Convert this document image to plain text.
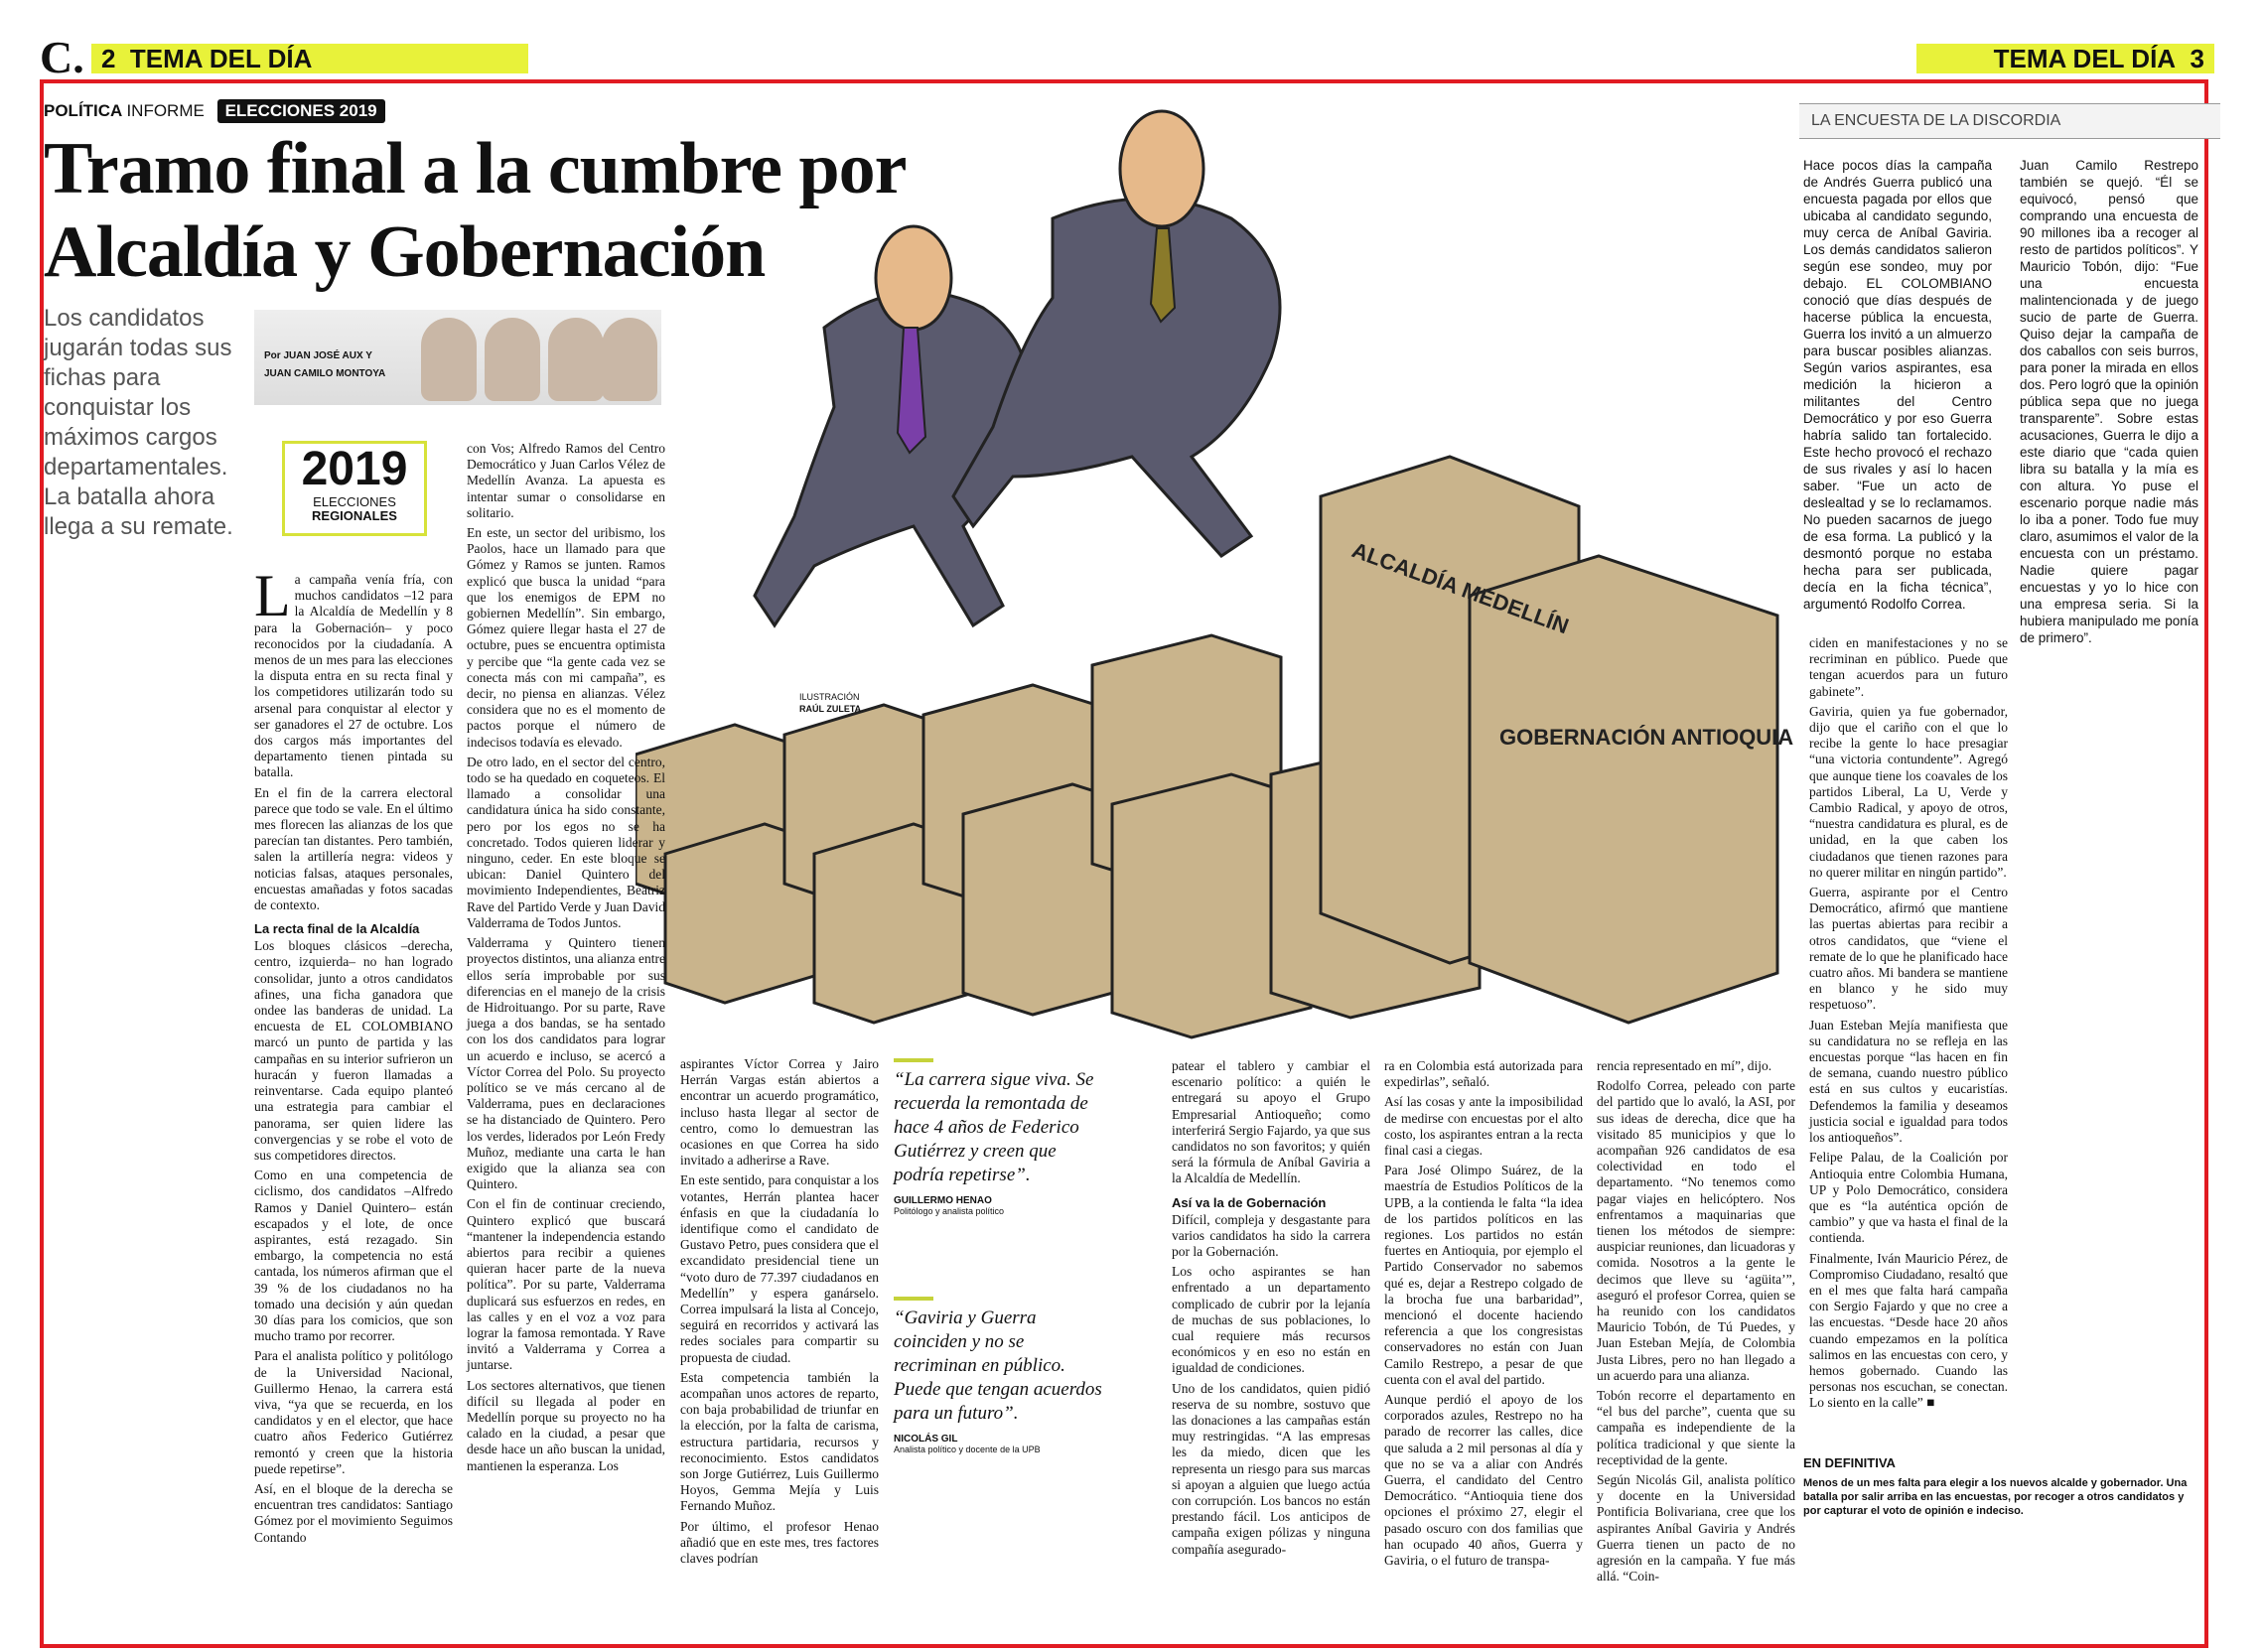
C. 2 TEMA DEL DÍA	TEMA DEL DÍA 3
POLÍTICA INFORME ELECCIONES 2019
Tramo final a la cumbre por Alcaldía y Gobernación
Los candidatos jugarán todas sus fichas para conquistar los máximos cargos departamentales. La batalla ahora llega a su remate.
Por JUAN JOSÉ AUX Y
JUAN CAMILO MONTOYA
2019
ELECCIONES
REGIONALES
ALCALDÍA MEDELLÍN
GOBERNACIÓN ANTIOQUIA
ILUSTRACIÓN
RAÚL ZULETA

La campaña venía fría, con muchos candidatos –12 para la Alcaldía de Medellín y 8 para la Gobernación– y poco reconocidos por la ciudadanía. A menos de un mes para las elecciones la disputa entra en su recta final y los competidores utilizarán todo su arsenal para conquistar al elector y ser ganadores el 27 de octubre. Los dos cargos más importantes del departamento tienen pintada su batalla.

En el fin de la carrera electoral parece que todo se vale. En el último mes florecen las alianzas de los que parecían tan distantes. Pero también, salen la artillería negra: videos y noticias falsas, ataques personales, encuestas amañadas y fotos sacadas de contexto.

La recta final de la Alcaldía

Los bloques clásicos –derecha, centro, izquierda– no han logrado consolidar, junto a otros candidatos afines, una ficha ganadora que ondee las banderas de unidad. La encuesta de EL COLOMBIANO marcó un punto de partida y las campañas en su interior sufrieron un huracán y fueron llamadas a reinventarse. Cada equipo planteó una estrategia para cambiar el panorama, ser quien lidere las convergencias y se robe el voto de sus competidores directos.

Como en una competencia de ciclismo, dos candidatos –Alfredo Ramos y Daniel Quintero– están escapados y el lote, de once aspirantes, está rezagado. Sin embargo, la competencia no está cantada, los números afirman que el 39 % de los ciudadanos no ha tomado una decisión y aún quedan 30 días para los comicios, que son mucho tramo por recorrer.

Para el analista político y politólogo de la Universidad Nacional, Guillermo Henao, la carrera está viva, “ya que se recuerda, en los candidatos y en el elector, que hace cuatro años Federico Gutiérrez remontó y creen que la historia puede repetirse”.

Así, en el bloque de la derecha se encuentran tres candidatos: Santiago Gómez por el movimiento Seguimos Contando

con Vos; Alfredo Ramos del Centro Democrático y Juan Carlos Vélez de Medellín Avanza. La apuesta es intentar sumar o consolidarse en solitario.

En este, un sector del uribismo, los Paolos, hace un llamado para que Gómez y Ramos se junten. Ramos explicó que busca la unidad “para que los enemigos de EPM no gobiernen Medellín”. Sin embargo, Gómez quiere llegar hasta el 27 de octubre, pues se encuentra optimista y percibe que “la gente cada vez se conecta más con mi campaña”, es decir, no piensa en alianzas. Vélez considera que no es el momento de pactos porque el número de indecisos todavía es elevado.

De otro lado, en el sector del centro, todo se ha quedado en coqueteos. El llamado a consolidar una candidatura única ha sido constante, pero por los egos no se ha concretado. Todos quieren liderar y ninguno, ceder. En este bloque se ubican: Daniel Quintero del movimiento Independientes, Beatriz Rave del Partido Verde y Juan David Valderrama de Todos Juntos.

Valderrama y Quintero tienen proyectos distintos, una alianza entre ellos sería improbable por sus diferencias en el manejo de la crisis de Hidroituango. Por su parte, Rave juega a dos bandas, se ha sentado con los dos candidatos para lograr un acuerdo e incluso, se acercó a Víctor Correa del Polo. Su proyecto político se ve más cercano al de Valderrama, pues en declaraciones se ha distanciado de Quintero. Pero los verdes, liderados por León Fredy Muñoz, mediante una carta le han exigido que la alianza sea con Quintero.

Con el fin de continuar creciendo, Quintero explicó que buscará “mantener la independencia estando abiertos para recibir a quienes quieran hacer parte de la nueva política”. Por su parte, Valderrama duplicará sus esfuerzos en redes, en las calles y en el voz a voz para lograr la famosa remontada. Y Rave invitó a Valderrama y Correa a juntarse.

Los sectores alternativos, que tienen difícil su llegada al poder en Medellín porque su proyecto no ha calado en la ciudad, a pesar que desde hace un año buscan la unidad, mantienen la esperanza. Los

aspirantes Víctor Correa y Jairo Herrán Vargas están abiertos a encontrar un acuerdo programático, incluso hasta llegar al sector de centro, como lo demuestran las ocasiones en que Correa ha sido invitado a adherirse a Rave.

En este sentido, para conquistar a los votantes, Herrán plantea hacer énfasis en que la ciudadanía lo identifique como el candidato de Gustavo Petro, pues considera que el excandidato presidencial tiene un “voto duro de 77.397 ciudadanos en Medellín” y espera ganárselo. Correa impulsará la lista al Concejo, seguirá en recorridos y activará las redes sociales para compartir su propuesta de ciudad.

Esta competencia también la acompañan unos actores de reparto, con baja probabilidad de triunfar en la elección, por la falta de carisma, estructura partidaria, recursos y reconocimiento. Estos candidatos son Jorge Gutiérrez, Luis Guillermo Hoyos, Gemma Mejía y Luis Fernando Muñoz.

Por último, el profesor Henao añadió que en este mes, tres factores claves podrían

“La carrera sigue viva. Se recuerda la remontada de hace 4 años de Federico Gutiérrez y creen que podría repetirse”.
GUILLERMO HENAO
Politólogo y analista político
“Gaviria y Guerra coinciden y no se recriminan en público. Puede que tengan acuerdos para un futuro”.
NICOLÁS GIL
Analista político y docente de la UPB

patear el tablero y cambiar el escenario político: a quién le entregará su apoyo el Grupo Empresarial Antioqueño; como interferirá Sergio Fajardo, ya que sus candidatos no son favoritos; y quién será la fórmula de Aníbal Gaviria a la Alcaldía de Medellín.

Así va la de Gobernación

Difícil, compleja y desgastante para varios candidatos ha sido la carrera por la Gobernación.

Los ocho aspirantes se han enfrentado a un departamento complicado de cubrir por la lejanía de muchas de sus poblaciones, lo cual requiere más recursos económicos y en eso no están en igualdad de condiciones.

Uno de los candidatos, quien pidió reserva de su nombre, sostuvo que las donaciones a las campañas están muy restringidas. “A las empresas les da miedo, dicen que les representa un riesgo para sus marcas si apoyan a alguien que luego actúa con corrupción. Los bancos no están prestando fácil. Los anticipos de campaña exigen pólizas y ninguna compañía asegurado-

ra en Colombia está autorizada para expedirlas”, señaló.

Así las cosas y ante la imposibilidad de medirse con encuestas por el alto costo, los aspirantes entran a la recta final casi a ciegas.

Para José Olimpo Suárez, de la maestría de Estudios Políticos de la UPB, a la contienda le falta “la idea de los partidos políticos en las regiones. Los partidos no están fuertes en Antioquia, por ejemplo el Partido Conservador no sabemos qué es, dejar a Restrepo colgado de la brocha fue una barbaridad”, mencionó el docente haciendo referencia a que los congresistas conservadores no están con Juan Camilo Restrepo, a pesar de que cuenta con el aval del partido.

Aunque perdió el apoyo de los corporados azules, Restrepo no ha parado de recorrer las calles, dice que saluda a 2 mil personas al día y que no se va a aliar con Andrés Guerra, el candidato del Centro Democrático. “Antioquia tiene dos opciones el próximo 27, elegir el pasado oscuro con dos familias que han ocupado 40 años, Guerra y Gaviria, o el futuro de transpa-

rencia representado en mí”, dijo.

Rodolfo Correa, peleado con parte del partido que lo avaló, la ASI, por sus ideas de derecha, dice que ha visitado 85 municipios y que lo acompañan 926 candidatos de esa colectividad en todo el departamento. “No tenemos como pagar viajes en helicóptero. Nos enfrentamos a maquinarias que tienen los métodos de siempre: auspiciar reuniones, dan licuadoras y comida. Nosotros a la gente le decimos que lleve su ‘agüita’”, aseguró el profesor Correa, quien se ha reunido con los candidatos Mauricio Tobón, de Tú Puedes, y Juan Esteban Mejía, de Colombia Justa Libres, pero no han llegado a un acuerdo para una alianza.

Tobón recorre el departamento en “el bus del parche”, cuenta que su campaña es independiente de la política tradicional y que siente la receptividad de la gente.

Según Nicolás Gil, analista político y docente en la Universidad Pontificia Bolivariana, cree que los aspirantes Aníbal Gaviria y Andrés Guerra tienen un pacto de no agresión en la campaña. Y fue más allá. “Coin-

ciden en manifestaciones y no se recriminan en público. Puede que tengan acuerdos para un futuro gabinete”.

Gaviria, quien ya fue gobernador, dijo que el cariño con el que lo recibe la gente lo hace presagiar “una victoria contundente”. Agregó que aunque tiene los coavales de los partidos Liberal, La U, Verde y Cambio Radical, y apoyo de otros, “nuestra candidatura es plural, es de unidad, en la que caben los ciudadanos que tienen razones para no querer militar en ningún partido”.

Guerra, aspirante por el Centro Democrático, afirmó que mantiene las puertas abiertas para recibir a otros candidatos, que “viene el remate de lo que he planificado hace cuatro años. Mi bandera se mantiene en blanco y he sido muy respetuoso”.

Juan Esteban Mejía manifiesta que su candidatura no se refleja en las encuestas porque “las hacen en fin de semana, cuando nuestro público está en sus cultos y eucaristías. Defendemos la familia y deseamos justicia social e igualdad para todos los antioqueños”.

Felipe Palau, de la Coalición por Antioquia entre Colombia Humana, UP y Polo Democrático, considera que es “la auténtica opción de cambio” y que va hasta el final de la contienda.

Finalmente, Iván Mauricio Pérez, de Compromiso Ciudadano, resaltó que en el mes que falta hará campaña con Sergio Fajardo y que no cree a las encuestas. “Desde hace 20 años cuando empezamos en la política salimos en las encuestas con cero, y hemos gobernado. Cuando las personas nos escuchan, se conectan. Lo siento en la calle” ■

LA ENCUESTA DE LA DISCORDIA
Hace pocos días la campaña de Andrés Guerra publicó una encuesta pagada por ellos que ubicaba al candidato segundo, muy cerca de Aníbal Gaviria. Los demás candidatos salieron según ese sondeo, muy por debajo. EL COLOMBIANO conoció que días después de hacerse pública la encuesta, Guerra los invitó a un almuerzo para buscar posibles alianzas. Según varios aspirantes, esa medición la hicieron a militantes del Centro Democrático y por eso Guerra habría salido tan fortalecido. Este hecho provocó el rechazo de sus rivales y así lo hacen saber. “Fue un acto de deslealtad y se lo reclamamos. No pueden sacarnos de juego de esa forma. La publicó y la desmontó porque no estaba hecha para ser publicada, decía en la ficha técnica”, argumentó Rodolfo Correa.
Juan Camilo Restrepo también se quejó. “Él se equivocó, pensó que comprando una encuesta de 90 millones iba a recoger al resto de partidos políticos”. Y Mauricio Tobón, dijo: “Fue una encuesta malintencionada y de juego sucio de parte de Guerra. Quiso dejar la campaña de dos caballos con seis burros, para poner la mirada en ellos dos. Pero logró que la opinión pública sepa que no juega transparente”. Sobre estas acusaciones, Guerra le dijo a este diario que “cada quien libra su batalla y la mía es con altura. Yo puse el escenario porque nadie más lo iba a poner. Todo fue muy claro, asumimos el valor de la encuesta con un préstamo. Nadie quiere pagar encuestas y yo lo hice con una empresa seria. Si la hubiera manipulado me ponía de primero”.
EN DEFINITIVA
Menos de un mes falta para elegir a los nuevos alcalde y gobernador. Una batalla por salir arriba en las encuestas, por recoger a otros candidatos y por capturar el voto de opinión e indeciso.
